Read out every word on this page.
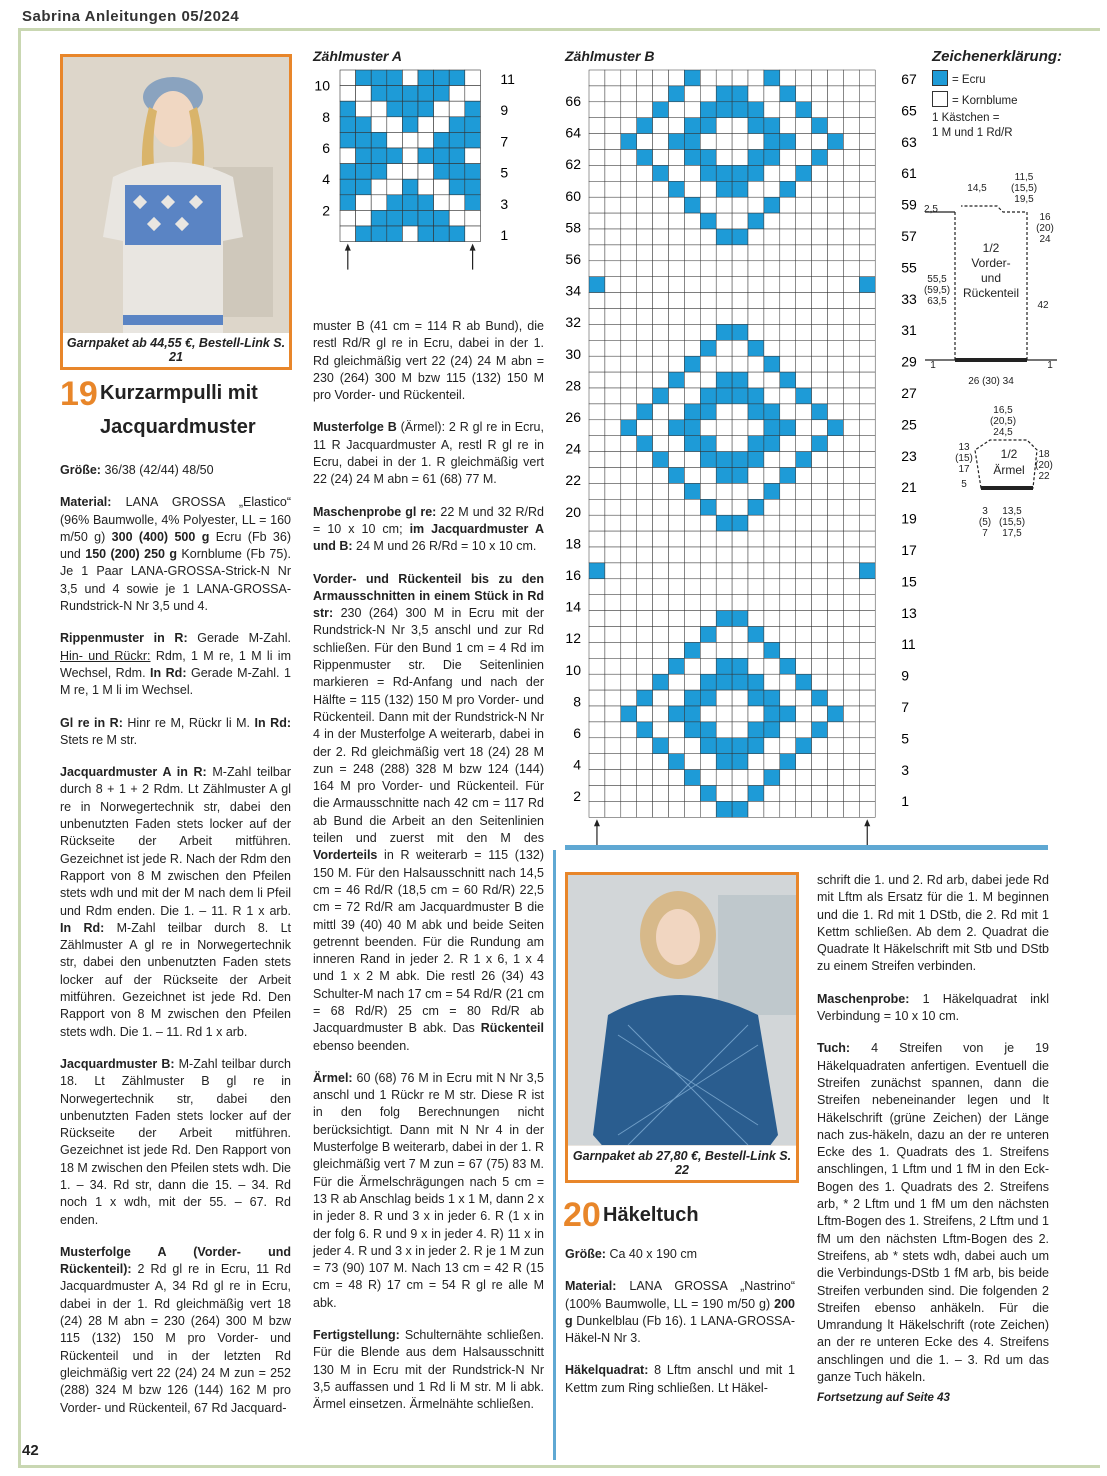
Sabrina Anleitungen 05/2024
42
Garnpaket ab 44,55 €, Bestell-Link S. 21
19 Kurzarmpulli mit
Jacquardmuster

Größe: 36/38 (42/44) 48/50

Material: LANA GROSSA „Elastico“ (96% Baumwolle, 4% Polyester, LL = 160 m/50 g) 300 (400) 500 g Ecru (Fb 36) und 150 (200) 250 g Kornblume (Fb 75). Je 1 Paar LANA-GROSSA-Strick-N Nr 3,5 und 4 sowie je 1 LANA-GROSSA-Rundstrick-N Nr 3,5 und 4.

Rippenmuster in R: Gerade M-Zahl. Hin- und Rückr: Rdm, 1 M re, 1 M li im Wechsel, Rdm. In Rd: Gerade M-Zahl. 1 M re, 1 M li im Wechsel.

Gl re in R: Hinr re M, Rückr li M. In Rd: Stets re M str.

Jacquardmuster A in R: M-Zahl teilbar durch 8 + 1 + 2 Rdm. Lt Zählmuster A gl re in Norwegertechnik str, dabei den unbenutzten Faden stets locker auf der Rückseite der Arbeit mitführen. Gezeichnet ist jede R. Nach der Rdm den Rapport von 8 M zwischen den Pfeilen stets wdh und mit der M nach dem li Pfeil und Rdm enden. Die 1. – 11. R 1 x arb. In Rd: M-Zahl teilbar durch 8. Lt Zählmuster A gl re in Norwegertechnik str, dabei den unbenutzten Faden stets locker auf der Rückseite der Arbeit mitführen. Gezeichnet ist jede Rd. Den Rapport von 8 M zwischen den Pfeilen stets wdh. Die 1. – 11. Rd 1 x arb.

Jacquardmuster B: M-Zahl teilbar durch 18. Lt Zählmuster B gl re in Norwegertechnik str, dabei den unbenutzten Faden stets locker auf der Rückseite der Arbeit mitführen. Gezeichnet ist jede Rd. Den Rapport von 18 M zwischen den Pfeilen stets wdh. Die 1. – 34. Rd str, dann die 15. – 34. Rd noch 1 x wdh, mit der 55. – 67. Rd enden.

Musterfolge A (Vorder- und Rückenteil): 2 Rd gl re in Ecru, 11 Rd Jacquardmuster A, 34 Rd gl re in Ecru, dabei in der 1. Rd gleichmäßig vert 18 (24) 28 M abn = 230 (264) 300 M bzw 115 (132) 150 M pro Vorder- und Rückenteil und in der letzten Rd gleichmäßig vert 22 (24) 24 M zun = 252 (288) 324 M bzw 126 (144) 162 M pro Vorder- und Rückenteil, 67 Rd Jacquard-

muster B (41 cm = 114 R ab Bund), die restl Rd/R gl re in Ecru, dabei in der 1. Rd gleichmäßig vert 22 (24) 24 M abn = 230 (264) 300 M bzw 115 (132) 150 M pro Vorder- und Rückenteil.

Musterfolge B (Ärmel): 2 R gl re in Ecru, 11 R Jacquardmuster A, restl R gl re in Ecru, dabei in der 1. R gleichmäßig vert 22 (24) 24 M abn = 61 (68) 77 M.

Maschenprobe gl re: 22 M und 32 R/Rd = 10 x 10 cm; im Jacquardmuster A und B: 24 M und 26 R/Rd = 10 x 10 cm.

Vorder- und Rückenteil bis zu den Armausschnitten in einem Stück in Rd str: 230 (264) 300 M in Ecru mit der Rundstrick-N Nr 3,5 anschl und zur Rd schließen. Für den Bund 1 cm = 4 Rd im Rippenmuster str. Die Seitenlinien markieren = Rd-Anfang und nach der Hälfte = 115 (132) 150 M pro Vorder- und Rückenteil. Dann mit der Rundstrick-N Nr 4 in der Musterfolge A weiterarb, dabei in der 2. Rd gleichmäßig vert 18 (24) 28 M zun = 248 (288) 328 M bzw 124 (144) 164 M pro Vorder- und Rückenteil. Für die Armausschnitte nach 42 cm = 117 Rd ab Bund die Arbeit an den Seitenlinien teilen und zuerst mit den M des Vorderteils in R weiterarb = 115 (132) 150 M. Für den Halsausschnitt nach 14,5 cm = 46 Rd/R (18,5 cm = 60 Rd/R) 22,5 cm = 72 Rd/R am Jacquardmuster B die mittl 39 (40) 40 M abk und beide Seiten getrennt beenden. Für die Rundung am inneren Rand in jeder 2. R 1 x 6, 1 x 4 und 1 x 2 M abk. Die restl 26 (34) 43 Schulter-M nach 17 cm = 54 Rd/R (21 cm = 68 Rd/R) 25 cm = 80 Rd/R ab Jacquardmuster B abk. Das Rückenteil ebenso beenden.

Ärmel: 60 (68) 76 M in Ecru mit N Nr 3,5 anschl und 1 Rückr re M str. Diese R ist in den folg Berechnungen nicht berücksichtigt. Dann mit N Nr 4 in der Musterfolge B weiterarb, dabei in der 1. R gleichmäßig vert 7 M zun = 67 (75) 83 M. Für die Ärmelschrägungen nach 5 cm = 13 R ab Anschlag beids 1 x 1 M, dann 2 x in jeder 8. R und 3 x in jeder 6. R (1 x in der folg 6. R und 9 x in jeder 4. R) 11 x in jeder 4. R und 3 x in jeder 2. R je 1 M zun = 73 (90) 107 M. Nach 13 cm = 42 R (15 cm = 48 R) 17 cm = 54 R gl re alle M abk.

Fertigstellung: Schulternähte schließen. Für die Blende aus dem Halsausschnitt 130 M in Ecru mit der Rundstrick-N Nr 3,5 auffassen und 1 Rd li M str. M li abk. Ärmel einsetzen. Ärmelnähte schließen.

Zählmuster A
10
8
6
4
2
11
9
7
5
3
1
Zählmuster B
66
64
62
60
58
56
34
32
30
28
26
24
22
20
18
16
14
12
10
8
6
4
2
67
65
63
61
59
57
55
33
31
29
27
25
23
21
19
17
15
13
11
9
7
5
3
1
Zeichenerklärung:
= Ecru
= Kornblume
1 Kästchen =
1 M und 1 Rd/R
11,5
(15,5)
19,5
14,5
2,5
16
(20)
24
1/2
Vorder-
und
Rückenteil
55,5
(59,5)
63,5	42
1	1
26 (30) 34
16,5
(20,5)
24,5
13
(15)
17
5
1/2
Ärmel
18
(20)
22
3
(5)
7
13,5
(15,5)
17,5
Garnpaket ab 27,80 €, Bestell-Link S. 22
20 Häkeltuch

Größe: Ca 40 x 190 cm

Material: LANA GROSSA „Nastrino“ (100% Baumwolle, LL = 190 m/50 g) 200 g Dunkelblau (Fb 16). 1 LANA-GROSSA-Häkel-N Nr 3.

Häkelquadrat: 8 Lftm anschl und mit 1 Kettm zum Ring schließen. Lt Häkel-

schrift die 1. und 2. Rd arb, dabei jede Rd mit Lftm als Ersatz für die 1. M beginnen und die 1. Rd mit 1 DStb, die 2. Rd mit 1 Kettm schließen. Ab dem 2. Quadrat die Quadrate lt Häkelschrift mit Stb und DStb zu einem Streifen verbinden.

Maschenprobe: 1 Häkelquadrat inkl Verbindung = 10 x 10 cm.

Tuch: 4 Streifen von je 19 Häkelquadraten anfertigen. Eventuell die Streifen zunächst spannen, dann die Streifen nebeneinander legen und lt Häkelschrift (grüne Zeichen) der Länge nach zus-häkeln, dazu an der re unteren Ecke des 1. Quadrats des 1. Streifens anschlingen, 1 Lftm und 1 fM in den Eck-Bogen des 1. Quadrats des 2. Streifens arb, * 2 Lftm und 1 fM um den nächsten Lftm-Bogen des 1. Streifens, 2 Lftm und 1 fM um den nächsten Lftm-Bogen des 2. Streifens, ab * stets wdh, dabei auch um die Verbindungs-DStb 1 fM arb, bis beide Streifen verbunden sind. Die folgenden 2 Streifen ebenso anhäkeln. Für die Umrandung lt Häkelschrift (rote Zeichen) an der re unteren Ecke des 4. Streifens anschlingen und die 1. – 3. Rd um das ganze Tuch häkeln.

Fortsetzung auf Seite 43
